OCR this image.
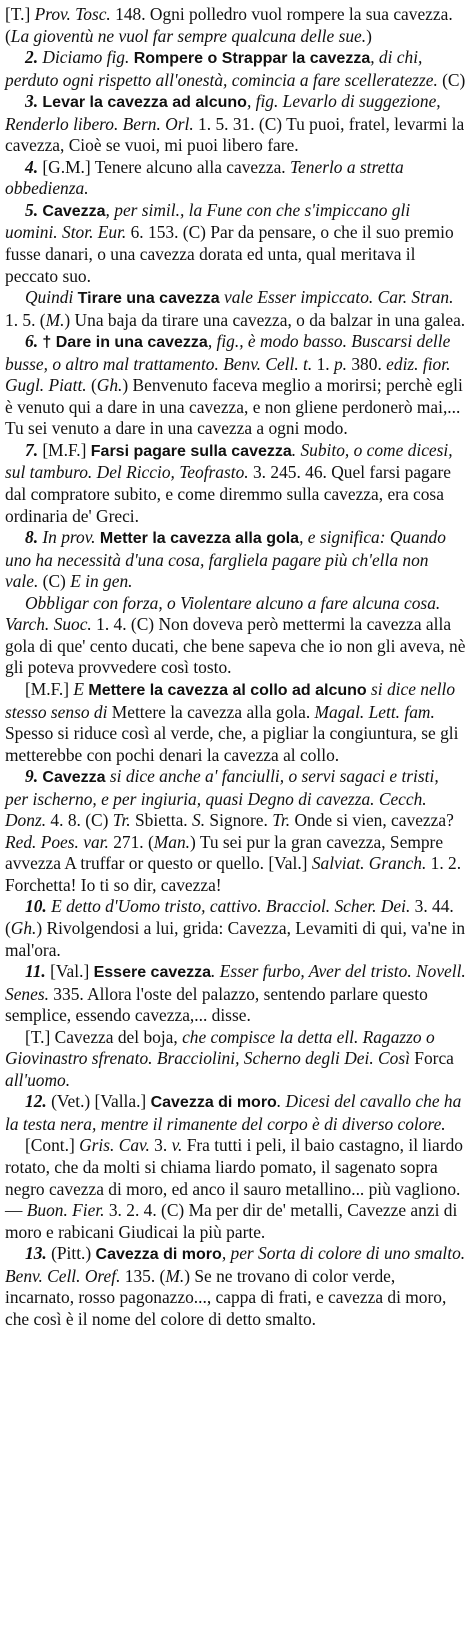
[T.] Prov. Tosc. 148. Ogni polledro vuol rompere la sua cavezza. (La gioventù ne vuol far sempre qualcuna delle sue.)

2. Diciamo fig. Rompere o Strappar la cavezza, di chi, perduto ogni rispetto all'onestà, comincia a fare scelleratezze. (C)

3. Levar la cavezza ad alcuno, fig. Levarlo di suggezione, Renderlo libero. Bern. Orl. 1. 5. 31. (C) Tu puoi, fratel, levarmi la cavezza, Cioè se vuoi, mi puoi libero fare.

4. [G.M.] Tenere alcuno alla cavezza. Tenerlo a stretta obbedienza.

5. Cavezza, per simil., la Fune con che s'impiccano gli uomini. Stor. Eur. 6. 153. (C) Par da pensare, o che il suo premio fusse danari, o una cavezza dorata ed unta, qual meritava il peccato suo.

Quindi Tirare una cavezza vale Esser impiccato. Car. Stran. 1. 5. (M.) Una baja da tirare una cavezza, o da balzar in una galea.

6. † Dare in una cavezza, fig., è modo basso. Buscarsi delle busse, o altro mal trattamento. Benv. Cell. t. 1. p. 380. ediz. fior. Gugl. Piatt. (Gh.) Benvenuto faceva meglio a morirsi; perchè egli è venuto qui a dare in una cavezza, e non gliene perdonerò mai,... Tu sei venuto a dare in una cavezza a ogni modo.

7. [M.F.] Farsi pagare sulla cavezza. Subito, o come dicesi, sul tamburo. Del Riccio, Teofrasto. 3. 245. 46. Quel farsi pagare dal compratore subito, e come diremmo sulla cavezza, era cosa ordinaria de' Greci.

8. In prov. Metter la cavezza alla gola, e significa: Quando uno ha necessità d'una cosa, fargliela pagare più ch'ella non vale. (C) E in gen.

Obbligar con forza, o Violentare alcuno a fare alcuna cosa. Varch. Suoc. 1. 4. (C) Non doveva però mettermi la cavezza alla gola di que' cento ducati, che bene sapeva che io non gli aveva, nè gli poteva provvedere così tosto.

[M.F.] E Mettere la cavezza al collo ad alcuno si dice nello stesso senso di Mettere la cavezza alla gola. Magal. Lett. fam. Spesso si riduce così al verde, che, a pigliar la congiuntura, se gli metterebbe con pochi denari la cavezza al collo.

9. Cavezza si dice anche a' fanciulli, o servi sagaci e tristi, per ischerno, e per ingiuria, quasi Degno di cavezza. Cecch. Donz. 4. 8. (C) Tr. Sbietta. S. Signore. Tr. Onde si vien, cavezza? Red. Poes. var. 271. (Man.) Tu sei pur la gran cavezza, Sempre avvezza A truffar or questo or quello. [Val.] Salviat. Granch. 1. 2. Forchetta! Io ti so dir, cavezza!

10. E detto d'Uomo tristo, cattivo. Bracciol. Scher. Dei. 3. 44. (Gh.) Rivolgendosi a lui, grida: Cavezza, Levamiti di qui, va'ne in mal'ora.

11. [Val.] Essere cavezza. Esser furbo, Aver del tristo. Novell. Senes. 335. Allora l'oste del palazzo, sentendo parlare questo semplice, essendo cavezza,... disse.

[T.] Cavezza del boja, che compisce la detta ell. Ragazzo o Giovinastro sfrenato. Bracciolini, Scherno degli Dei. Così Forca all'uomo.

12. (Vet.) [Valla.] Cavezza di moro. Dicesi del cavallo che ha la testa nera, mentre il rimanente del corpo è di diverso colore.

[Cont.] Gris. Cav. 3. v. Fra tutti i peli, il baio castagno, il liardo rotato, che da molti si chiama liardo pomato, il sagenato sopra negro cavezza di moro, ed anco il sauro metallino... più vagliono. — Buon. Fier. 3. 2. 4. (C) Ma per dir de' metalli, Cavezze anzi di moro e rabicani Giudicai la più parte.

13. (Pitt.) Cavezza di moro, per Sorta di colore di uno smalto. Benv. Cell. Oref. 135. (M.) Se ne trovano di color verde, incarnato, rosso pagonazzo..., cappa di frati, e cavezza di moro, che così è il nome del colore di detto smalto.
